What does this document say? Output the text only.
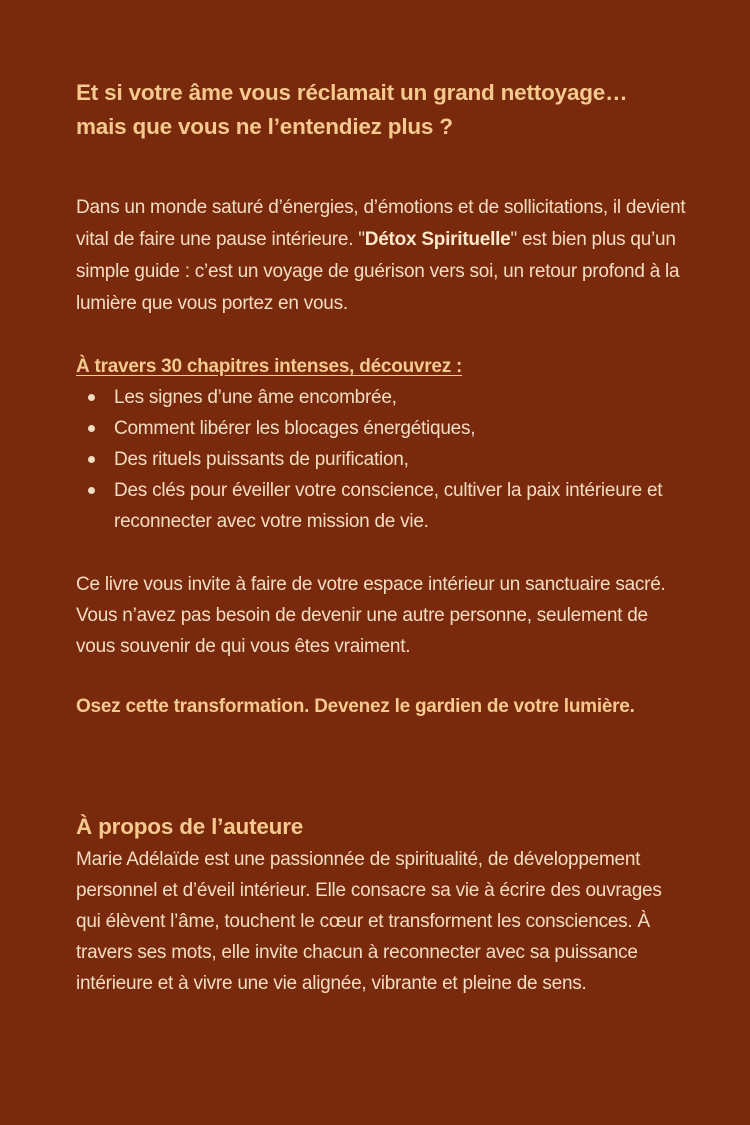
Et si votre âme vous réclamait un grand nettoyage…
mais que vous ne l’entendiez plus ?

Dans un monde saturé d’énergies, d’émotions et de sollicitations, il devient vital de faire une pause intérieure. "Détox Spirituelle" est bien plus qu’un simple guide : c’est un voyage de guérison vers soi, un retour profond à la lumière que vous portez en vous.

À travers 30 chapitres intenses, découvrez :

Les signes d’une âme encombrée,
Comment libérer les blocages énergétiques,
Des rituels puissants de purification,
Des clés pour éveiller votre conscience, cultiver la paix intérieure et reconnecter avec votre mission de vie.

Ce livre vous invite à faire de votre espace intérieur un sanctuaire sacré. Vous n’avez pas besoin de devenir une autre personne, seulement de vous souvenir de qui vous êtes vraiment.

Osez cette transformation. Devenez le gardien de votre lumière.

À propos de l’auteure

Marie Adélaïde est une passionnée de spiritualité, de développement personnel et d’éveil intérieur. Elle consacre sa vie à écrire des ouvrages qui élèvent l’âme, touchent le cœur et transforment les consciences. À travers ses mots, elle invite chacun à reconnecter avec sa puissance intérieure et à vivre une vie alignée, vibrante et pleine de sens.
